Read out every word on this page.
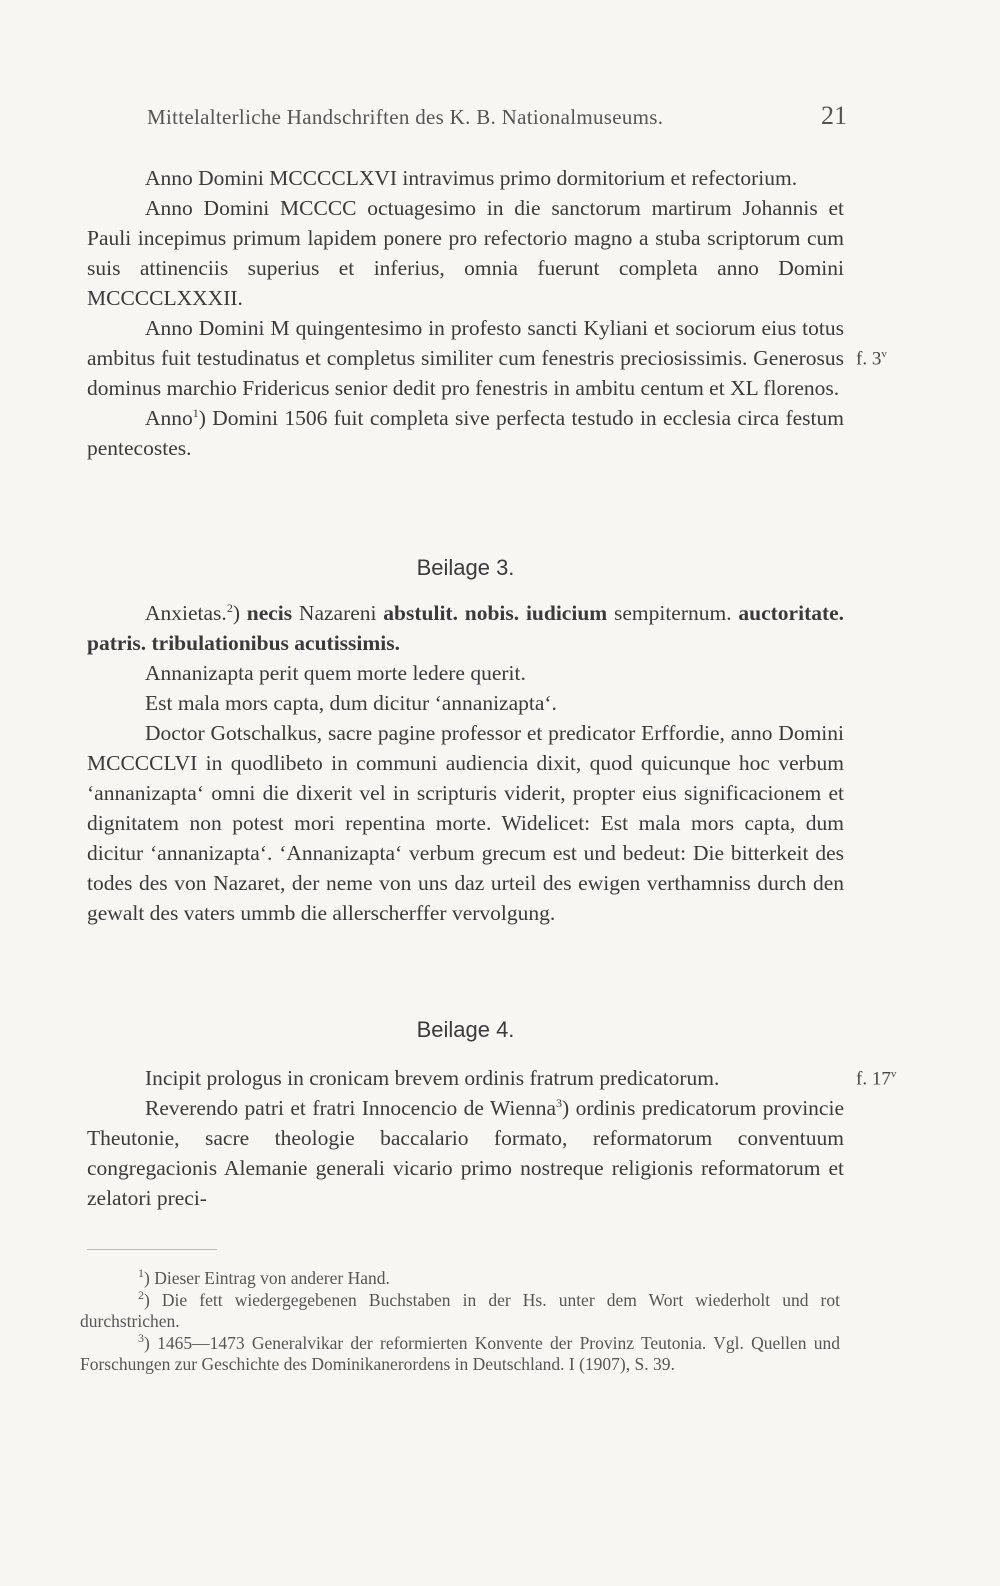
Mittelalterliche Handschriften des K. B. Nationalmuseums.	21

Anno Domini MCCCCLXVI intravimus primo dormitorium et refectorium.

Anno Domini MCCCC octuagesimo in die sanctorum martirum Johannis et Pauli incepimus primum lapidem ponere pro refectorio magno a stuba scriptorum cum suis attinenciis superius et inferius, omnia fuerunt completa anno Domini MCCCCLXXXII.

Anno Domini M quingentesimo in profesto sancti Kyliani et sociorum eius totus ambitus fuit testudinatus et completus similiter cum fenestris preciosissimis. Generosus dominus marchio Fridericus senior dedit pro fenestris in ambitu centum et XL florenos.

Anno$^1$) Domini 1506 fuit completa sive perfecta testudo in ecclesia circa festum pentecostes.

f. 3$^v$
Beilage 3.

Anxietas.$^2$) necis Nazareni abstulit. nobis. iudicium sempiternum. auctoritate. patris. tribulationibus acutissimis.

Annanizapta perit quem morte ledere querit.

Est mala mors capta, dum dicitur ‘annanizapta‘.

Doctor Gotschalkus, sacre pagine professor et predicator Erffordie, anno Domini MCCCCLVI in quodlibeto in communi audiencia dixit, quod quicunque hoc verbum ‘annanizapta‘ omni die dixerit vel in scripturis viderit, propter eius significacionem et dignitatem non potest mori repentina morte. Widelicet: Est mala mors capta, dum dicitur ‘annanizapta‘. ‘Annanizapta‘ verbum grecum est und bedeut: Die bitterkeit des todes des von Nazaret, der neme von uns daz urteil des ewigen verthamniss durch den gewalt des vaters ummb die allerscherffer vervolgung.

Beilage 4.

Incipit prologus in cronicam brevem ordinis fratrum predicatorum.

Reverendo patri et fratri Innocencio de Wienna$^3$) ordinis predicatorum provincie Theutonie, sacre theologie baccalario formato, reformatorum conventuum congregacionis Alemanie generali vicario primo nostreque religionis reformatorum et zelatori preci-

f. 17$^v$

$^1$) Dieser Eintrag von anderer Hand.

$^2$) Die fett wiedergegebenen Buchstaben in der Hs. unter dem Wort wiederholt und rot durchstrichen.

$^3$) 1465—1473 Generalvikar der reformierten Konvente der Provinz Teutonia. Vgl. Quellen und Forschungen zur Geschichte des Dominikanerordens in Deutschland. I (1907), S. 39.
